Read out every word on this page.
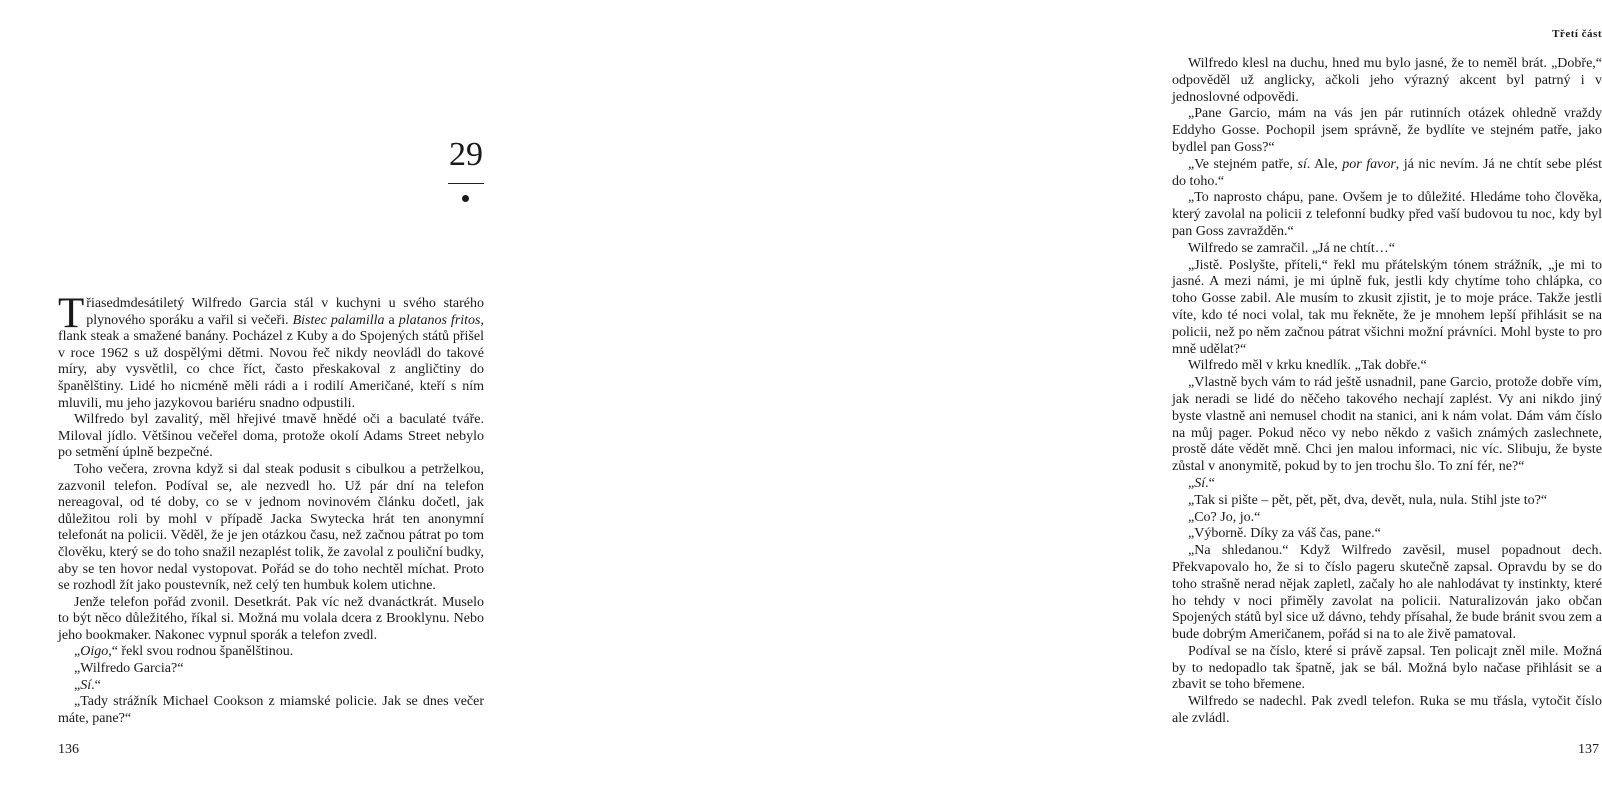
29

Třiasedmdesátiletý Wilfredo Garcia stál v kuchyni u svého starého plynového sporáku a vařil si večeři. Bistec palamilla a platanos fritos, flank steak a smažené banány. Pocházel z Kuby a do Spojených států přišel v roce 1962 s už dospělými dětmi. Novou řeč nikdy neovládl do takové míry, aby vysvětlil, co chce říct, často přeskakoval z angličtiny do španělštiny. Lidé ho nicméně měli rádi a i rodilí Američané, kteří s ním mluvili, mu jeho jazykovou bariéru snadno odpustili.

Wilfredo byl zavalitý, měl hřejivé tmavě hnědé oči a baculaté tváře. Miloval jídlo. Většinou večeřel doma, protože okolí Adams Street nebylo po setmění úplně bezpečné.

Toho večera, zrovna když si dal steak podusit s cibulkou a petrželkou, zazvonil telefon. Podíval se, ale nezvedl ho. Už pár dní na telefon nereagoval, od té doby, co se v jednom novinovém článku dočetl, jak důležitou roli by mohl v případě Jacka Swytecka hrát ten anonymní telefonát na policii. Věděl, že je jen otázkou času, než začnou pátrat po tom člověku, který se do toho snažil nezaplést tolik, že zavolal z pouliční budky, aby se ten hovor nedal vystopovat. Pořád se do toho nechtěl míchat. Proto se rozhodl žít jako poustevník, než celý ten humbuk kolem utichne.

Jenže telefon pořád zvonil. Desetkrát. Pak víc než dvanáctkrát. Muselo to být něco důležitého, říkal si. Možná mu volala dcera z Brooklynu. Nebo jeho bookmaker. Nakonec vypnul sporák a telefon zvedl.

„Oigo,“ řekl svou rodnou španělštinou.

„Wilfredo Garcia?“

„Sí.“

„Tady strážník Michael Cookson z miamské policie. Jak se dnes večer máte, pane?“

136
Třetí část

Wilfredo klesl na duchu, hned mu bylo jasné, že to neměl brát. „Dobře,“ odpověděl už anglicky, ačkoli jeho výrazný akcent byl patrný i v jednoslovné odpovědi.

„Pane Garcio, mám na vás jen pár rutinních otázek ohledně vraždy Eddyho Gosse. Pochopil jsem správně, že bydlíte ve stejném patře, jako bydlel pan Goss?“

„Ve stejném patře, sí. Ale, por favor, já nic nevím. Já ne chtít sebe plést do toho.“

„To naprosto chápu, pane. Ovšem je to důležité. Hledáme toho člověka, který zavolal na policii z telefonní budky před vaší budovou tu noc, kdy byl pan Goss zavražděn.“

Wilfredo se zamračil. „Já ne chtít…“

„Jistě. Poslyšte, příteli,“ řekl mu přátelským tónem strážník, „je mi to jasné. A mezi námi, je mi úplně fuk, jestli kdy chytíme toho chlápka, co toho Gosse zabil. Ale musím to zkusit zjistit, je to moje práce. Takže jestli víte, kdo té noci volal, tak mu řekněte, že je mnohem lepší přihlásit se na policii, než po něm začnou pátrat všichni možní právníci. Mohl byste to pro mně udělat?“

Wilfredo měl v krku knedlík. „Tak dobře.“

„Vlastně bych vám to rád ještě usnadnil, pane Garcio, protože dobře vím, jak neradi se lidé do něčeho takového nechají zaplést. Vy ani nikdo jiný byste vlastně ani nemusel chodit na stanici, ani k nám volat. Dám vám číslo na můj pager. Pokud něco vy nebo někdo z vašich známých zaslechnete, prostě dáte vědět mně. Chci jen malou informaci, nic víc. Slibuju, že byste zůstal v anonymitě, pokud by to jen trochu šlo. To zní fér, ne?“

„Sí.“

„Tak si pište – pět, pět, pět, dva, devět, nula, nula. Stihl jste to?“

„Co? Jo, jo.“

„Výborně. Díky za váš čas, pane.“

„Na shledanou.“ Když Wilfredo zavěsil, musel popadnout dech. Překvapovalo ho, že si to číslo pageru skutečně zapsal. Opravdu by se do toho strašně nerad nějak zapletl, začaly ho ale nahlodávat ty instinkty, které ho tehdy v noci přiměly zavolat na policii. Naturalizován jako občan Spojených států byl sice už dávno, tehdy přísahal, že bude bránit svou zem a bude dobrým Američanem, pořád si na to ale živě pamatoval.

Podíval se na číslo, které si právě zapsal. Ten policajt zněl mile. Možná by to nedopadlo tak špatně, jak se bál. Možná bylo načase přihlásit se a zbavit se toho břemene.

Wilfredo se nadechl. Pak zvedl telefon. Ruka se mu třásla, vytočit číslo ale zvládl.

137
